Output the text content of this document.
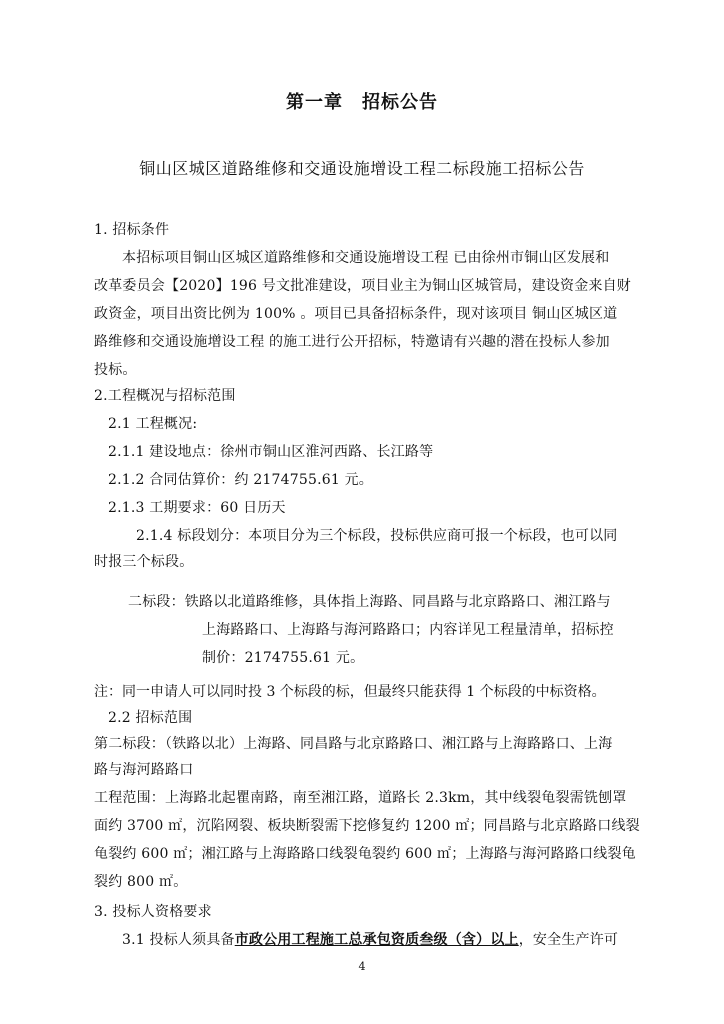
第一章　招标公告
铜山区城区道路维修和交通设施增设工程二标段施工招标公告
1. 招标条件
本招标项目铜山区城区道路维修和交通设施增设工程 已由徐州市铜山区发展和
改革委员会【2020】196 号文批准建设，项目业主为铜山区城管局，建设资金来自财
政资金，项目出资比例为 100% 。项目已具备招标条件，现对该项目 铜山区城区道
路维修和交通设施增设工程 的施工进行公开招标，特邀请有兴趣的潜在投标人参加
投标。
2.工程概况与招标范围
2.1 工程概况:
2.1.1 建设地点：徐州市铜山区淮河西路、长江路等
2.1.2 合同估算价：约 2174755.61 元。
2.1.3 工期要求：60 日历天
2.1.4 标段划分：本项目分为三个标段，投标供应商可报一个标段，也可以同
时报三个标段。
二标段：铁路以北道路维修，具体指上海路、同昌路与北京路路口、湘江路与
上海路路口、上海路与海河路路口；内容详见工程量清单，招标控
制价：2174755.61 元。
注：同一申请人可以同时投 3 个标段的标，但最终只能获得 1 个标段的中标资格。
2.2 招标范围
第二标段：（铁路以北）上海路、同昌路与北京路路口、湘江路与上海路路口、上海
路与海河路路口
工程范围：上海路北起瞿南路，南至湘江路，道路长 2.3km，其中线裂龟裂需铣刨罩
面约 3700 ㎡，沉陷网裂、板块断裂需下挖修复约 1200 ㎡；同昌路与北京路路口线裂
龟裂约 600 ㎡；湘江路与上海路路口线裂龟裂约 600 ㎡；上海路与海河路路口线裂龟
裂约 800 ㎡。
3. 投标人资格要求
3.1 投标人须具备市政公用工程施工总承包资质叁级（含）以上，安全生产许可
4
